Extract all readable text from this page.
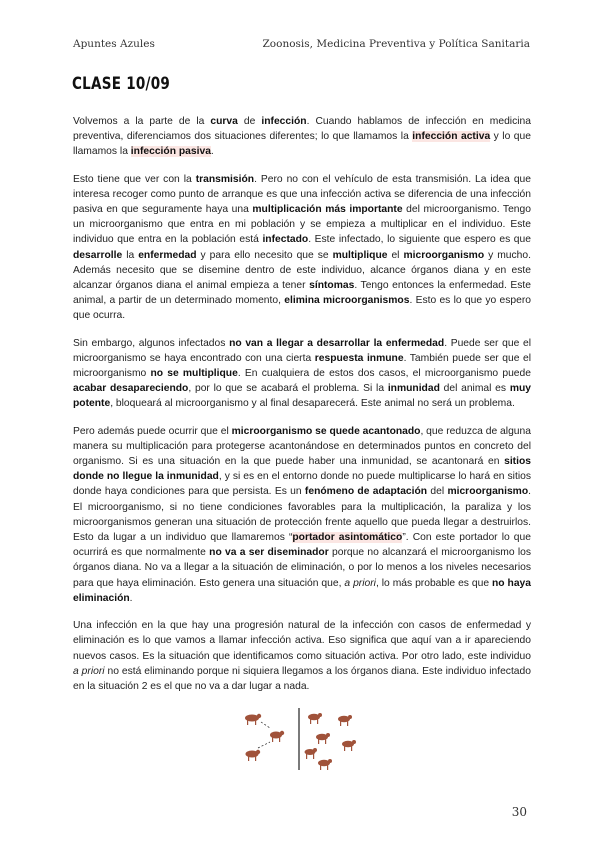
Apuntes Azules	Zoonosis, Medicina Preventiva y Política Sanitaria
CLASE 10/09

Volvemos a la parte de la curva de infección. Cuando hablamos de infección en medicina preventiva, diferenciamos dos situaciones diferentes; lo que llamamos la infección activa y lo que llamamos la infección pasiva.

Esto tiene que ver con la transmisión. Pero no con el vehículo de esta transmisión. La idea que interesa recoger como punto de arranque es que una infección activa se diferencia de una infección pasiva en que seguramente haya una multiplicación más importante del microorganismo. Tengo un microorganismo que entra en mi población y se empieza a multiplicar en el individuo. Este individuo que entra en la población está infectado. Este infectado, lo siguiente que espero es que desarrolle la enfermedad y para ello necesito que se multiplique el microorganismo y mucho. Además necesito que se disemine dentro de este individuo, alcance órganos diana y en este alcanzar órganos diana el animal empieza a tener síntomas. Tengo entonces la enfermedad. Este animal, a partir de un determinado momento, elimina microorganismos. Esto es lo que yo espero que ocurra.

Sin embargo, algunos infectados no van a llegar a desarrollar la enfermedad. Puede ser que el microorganismo se haya encontrado con una cierta respuesta inmune. También puede ser que el microorganismo no se multiplique. En cualquiera de estos dos casos, el microorganismo puede acabar desapareciendo, por lo que se acabará el problema. Si la inmunidad del animal es muy potente, bloqueará al microorganismo y al final desaparecerá. Este animal no será un problema.

Pero además puede ocurrir que el microorganismo se quede acantonado, que reduzca de alguna manera su multiplicación para protegerse acantonándose en determinados puntos en concreto del organismo. Si es una situación en la que puede haber una inmunidad, se acantonará en sitios donde no llegue la inmunidad, y si es en el entorno donde no puede multiplicarse lo hará en sitios donde haya condiciones para que persista. Es un fenómeno de adaptación del microorganismo. El microorganismo, si no tiene condiciones favorables para la multiplicación, la paraliza y los microorganismos generan una situación de protección frente aquello que pueda llegar a destruirlos. Esto da lugar a un individuo que llamaremos “portador asintomático”. Con este portador lo que ocurrirá es que normalmente no va a ser diseminador porque no alcanzará el microorganismo los órganos diana. No va a llegar a la situación de eliminación, o por lo menos a los niveles necesarios para que haya eliminación. Esto genera una situación que, a priori, lo más probable es que no haya eliminación.

Una infección en la que hay una progresión natural de la infección con casos de enfermedad y eliminación es lo que vamos a llamar infección activa. Eso significa que aquí van a ir apareciendo nuevos casos. Es la situación que identificamos como situación activa. Por otro lado, este individuo a priori no está eliminando porque ni siquiera llegamos a los órganos diana. Este individuo infectado en la situación 2 es el que no va a dar lugar a nada.

30
